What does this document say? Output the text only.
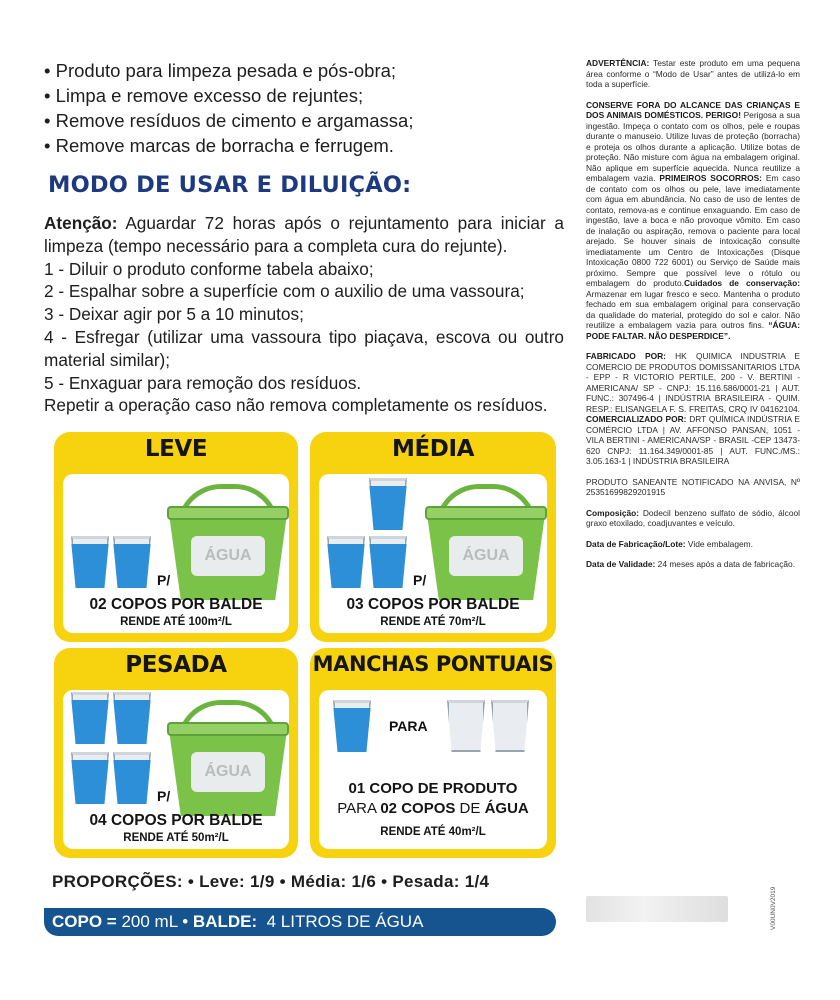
• Produto para limpeza pesada e pós-obra;
• Limpa e remove excesso de rejuntes;
• Remove resíduos de cimento e argamassa;
• Remove marcas de borracha e ferrugem.
MODO DE USAR E DILUIÇÃO:

Atenção: Aguardar 72 horas após o rejuntamento para iniciar a limpeza (tempo necessário para a completa cura do rejunte).

1 - Diluir o produto conforme tabela abaixo;

2 - Espalhar sobre a superfície com o auxilio de uma vassoura;

3 - Deixar agir por 5 a 10 minutos;

4 - Esfregar (utilizar uma vassoura tipo piaçava, escova ou outro material similar);

5 - Enxaguar para remoção dos resíduos.

Repetir a operação caso não remova completamente os resíduos.

LEVE
P/
ÁGUA
02 COPOS POR BALDE
RENDE ATÉ 100m²/L
MÉDIA
P/
ÁGUA
03 COPOS POR BALDE
RENDE ATÉ 70m²/L
PESADA
P/
ÁGUA
04 COPOS POR BALDE
RENDE ATÉ 50m²/L
MANCHAS PONTUAIS
PARA
01 COPO DE PRODUTO
PARA 02 COPOS DE ÁGUA
RENDE ATÉ 40m²/L
PROPORÇÕES: • Leve: 1/9 • Média: 1/6 • Pesada: 1/4
COPO = 200 mL • BALDE:  4 LITROS DE ÁGUA

ADVERTÊNCIA: Testar este produto em uma pequena área conforme o “Modo de Usar” antes de utilizá-lo em toda a superfície.

CONSERVE FORA DO ALCANCE DAS CRIANÇAS E DOS ANIMAIS DOMÉSTICOS. PERIGO! Perigosa a sua ingestão. Impeça o contato com os olhos, pele e roupas durante o manuseio. Utilize luvas de proteção (borracha) e proteja os olhos durante a aplicação. Utilize botas de proteção. Não misture com água na embalagem original. Não aplique em superfície aquecida. Nunca reutilize a embalagem vazia. PRIMEIROS SOCORROS: Em caso de contato com os olhos ou pele, lave imediatamente com água em abundância. No caso de uso de lentes de contato, remova-as e continue enxaguando. Em caso de ingestão, lave a boca e não provoque vômito. Em caso de inalação ou aspiração, remova o paciente para local arejado. Se houver sinais de intoxicação consulte imediatamente um Centro de Intoxicações (Disque Intoxicação 0800 722 6001) ou Serviço de Saúde mais próximo. Sempre que possível leve o rótulo ou embalagem do produto.Cuidados de conservação: Armazenar em lugar fresco e seco. Mantenha o produto fechado em sua embalagem original para conservação da qualidade do material, protegido do sol e calor. Não reutilize a embalagem vazia para outros fins. “ÁGUA: PODE FALTAR. NÃO DESPERDICE”.

FABRICADO POR: HK QUIMICA INDUSTRIA E COMERCIO DE PRODUTOS DOMISSANITARIOS LTDA - EPP - R VICTORIO PERTILE, 200 - V. BERTINI - AMERICANA/ SP - CNPJ: 15.116.586/0001-21 | AUT. FUNC.: 307496-4 | INDÚSTRIA BRASILEIRA - QUIM. RESP.: ELISANGELA F. S. FREITAS, CRQ IV 04162104. COMERCIALIZADO POR: DRT QUÍMICA INDÚSTRIA E COMÉRCIO LTDA | AV. AFFONSO PANSAN, 1051 - VILA BERTINI - AMERICANA/SP - BRASIL -CEP 13473-620 CNPJ: 11.164.349/0001-85 | AUT. FUNC./MS.: 3.05.163-1 | INDÚSTRIA BRASILEIRA

PRODUTO SANEANTE NOTIFICADO NA ANVISA, Nº 25351699829201915

Composição: Dodecil benzeno sulfato de sódio, álcool graxo etoxilado, coadjuvantes e veículo.

Data de Fabricação/Lote: Vide embalagem.

Data de Validade: 24 meses após a data de fabricação.

V00UN0V2019
